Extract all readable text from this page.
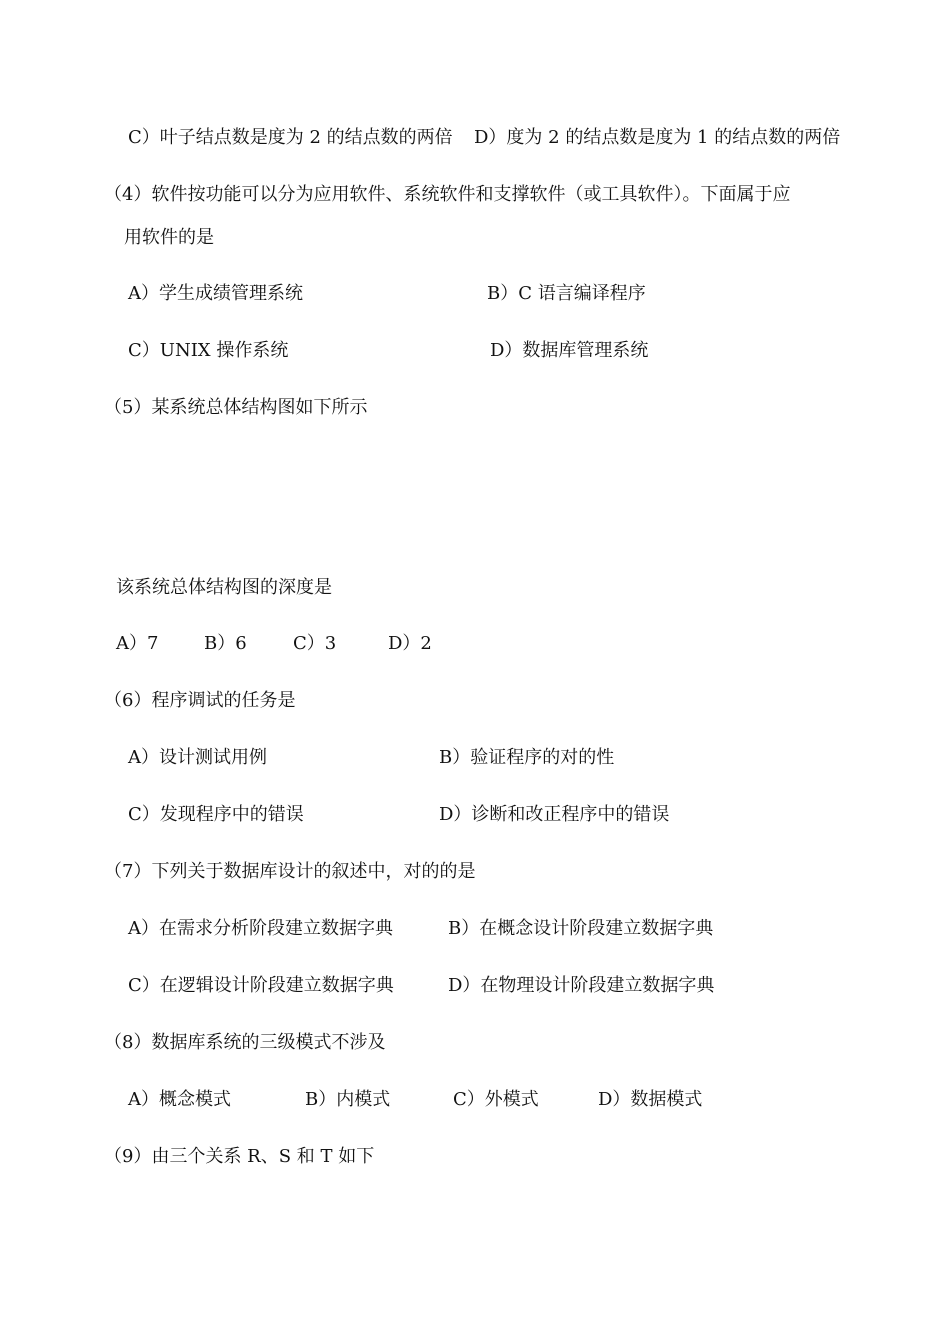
C）叶子结点数是度为 2 的结点数的两倍 D）度为 2 的结点数是度为 1 的结点数的两倍
（4）软件按功能可以分为应用软件、系统软件和支撑软件（或工具软件）。下面属于应
用软件的是
A）学生成绩管理系统	B）C 语言编译程序
C）UNIX 操作系统	D）数据库管理系统
（5）某系统总体结构图如下所示
该系统总体结构图的深度是
A）7	B）6	C）3	D）2
（6）程序调试的任务是
A）设计测试用例	B）验证程序的对的性
C）发现程序中的错误	D）诊断和改正程序中的错误
（7）下列关于数据库设计的叙述中，对的的是
A）在需求分析阶段建立数据字典	B）在概念设计阶段建立数据字典
C）在逻辑设计阶段建立数据字典	D）在物理设计阶段建立数据字典
（8）数据库系统的三级模式不涉及
A）概念模式	B）内模式	C）外模式	D）数据模式
（9）由三个关系 R、S 和 T 如下
